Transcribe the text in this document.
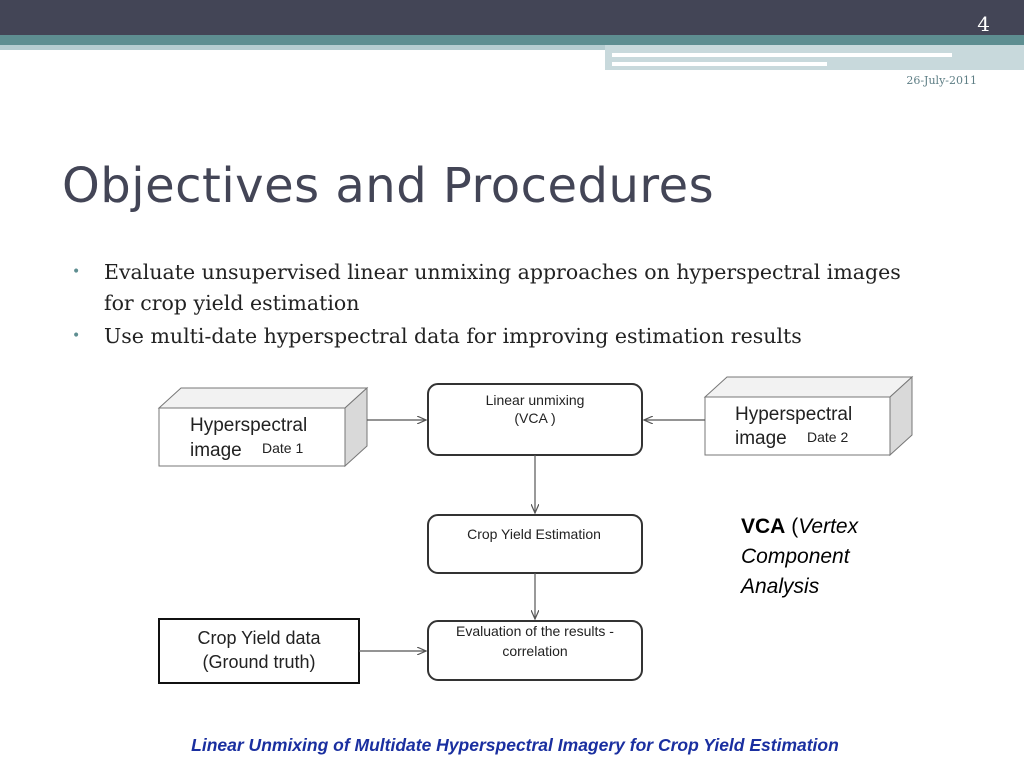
4
26-July-2011
Objectives and Procedures
• Evaluate unsupervised linear unmixing approaches on hyperspectral images for crop yield estimation
• Use multi-date hyperspectral data for improving estimation results
Hyperspectral
image Date 1
Hyperspectral
image Date 2
Linear unmixing
(VCA )
Crop Yield Estimation
Evaluation of the results -
correlation
Crop Yield data
(Ground truth)
VCA (Vertex
Component
Analysis
Linear Unmixing of Multidate Hyperspectral Imagery for Crop Yield Estimation
